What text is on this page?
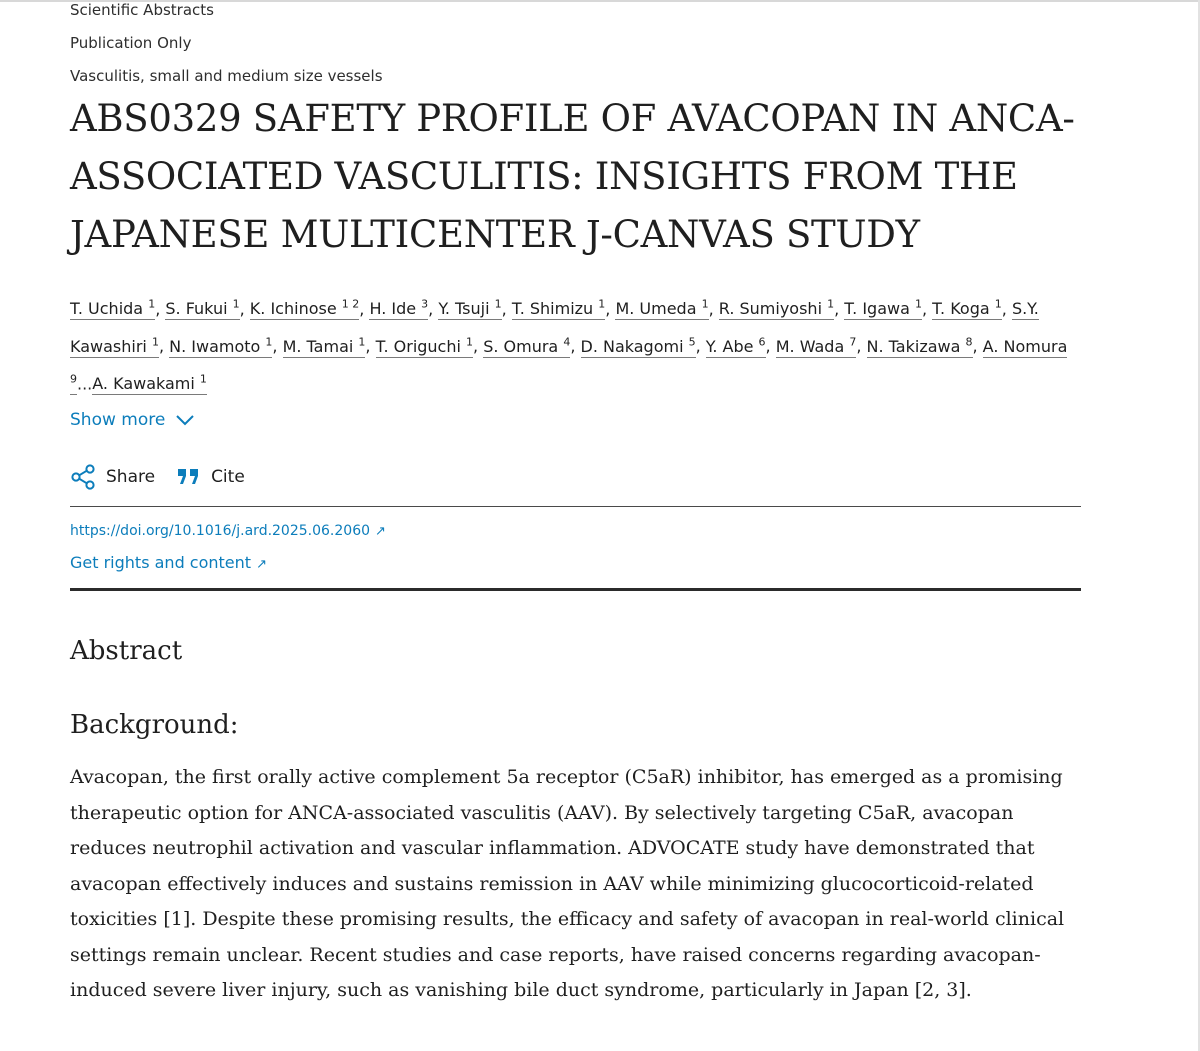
Scientific Abstracts
Publication Only
Vasculitis, small and medium size vessels
ABS0329 SAFETY PROFILE OF AVACOPAN IN ANCA-ASSOCIATED VASCULITIS: INSIGHTS FROM THE JAPANESE MULTICENTER J-CANVAS STUDY
T. Uchida $^1$, S. Fukui $^1$, K. Ichinose $^{1 2}$, H. Ide $^3$, Y. Tsuji $^1$, T. Shimizu $^1$, M. Umeda $^1$, R. Sumiyoshi $^1$, T. Igawa $^1$, T. Koga $^1$, S.Y. Kawashiri $^1$, N. Iwamoto $^1$, M. Tamai $^1$, T. Origuchi $^1$, S. Omura $^4$, D. Nakagomi $^5$, Y. Abe $^6$, M. Wada $^7$, N. Takizawa $^8$, A. Nomura $^9$...A. Kawakami $^1$
Show more
Share	Cite
https://doi.org/10.1016/j.ard.2025.06.2060 ↗
Get rights and content ↗
Abstract
Background:

Avacopan, the first orally active complement 5a receptor (C5aR) inhibitor, has emerged as a promising therapeutic option for ANCA-associated vasculitis (AAV). By selectively targeting C5aR, avacopan reduces neutrophil activation and vascular inflammation. ADVOCATE study have demonstrated that avacopan effectively induces and sustains remission in AAV while minimizing glucocorticoid-related toxicities [1]. Despite these promising results, the efficacy and safety of avacopan in real-world clinical settings remain unclear. Recent studies and case reports, have raised concerns regarding avacopan-induced severe liver injury, such as vanishing bile duct syndrome, particularly in Japan [2, 3].
